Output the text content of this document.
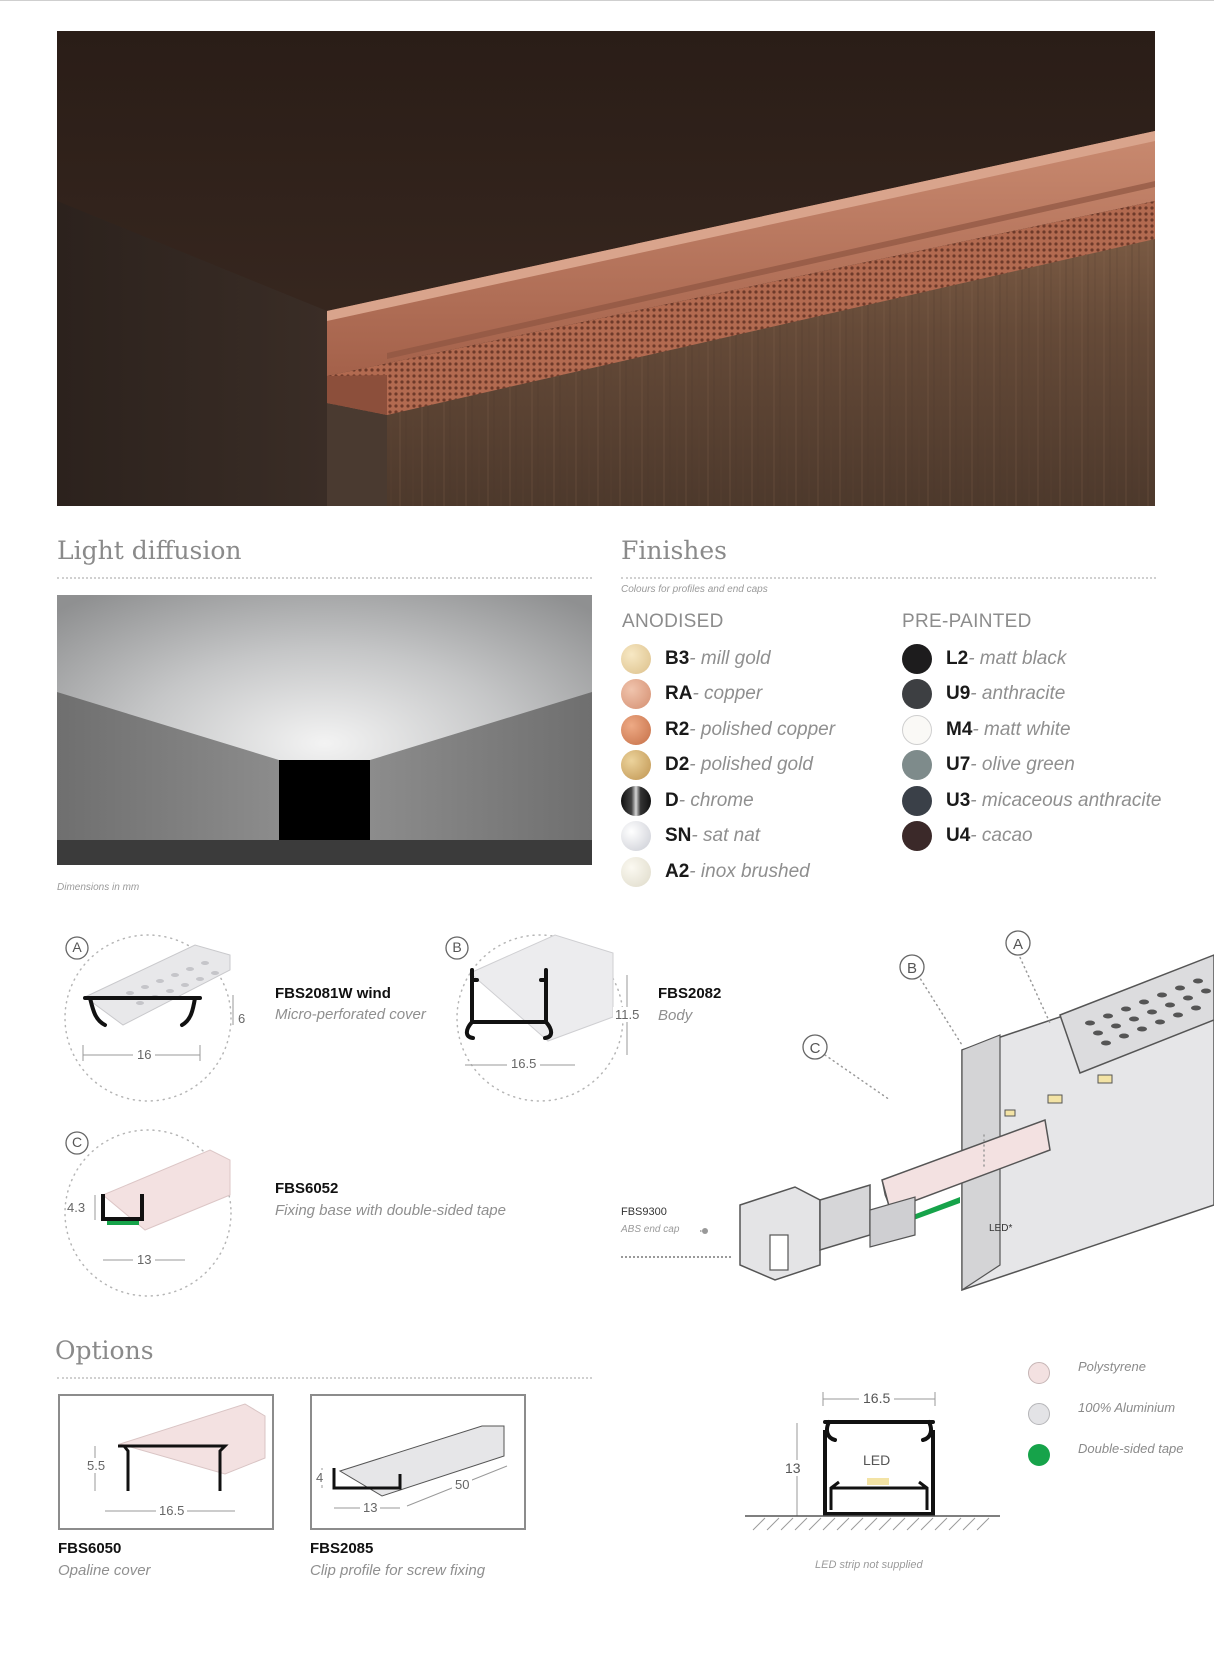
Light diffusion
Dimensions in mm
Finishes
Colours for profiles and end caps
ANODISED
B3 - mill gold
RA - copper
R2 - polished copper
D2 - polished gold
D - chrome
SN - sat nat
A2 - inox brushed
PRE-PAINTED
L2 - matt black
U9 - anthracite
M4 - matt white
U7 - olive green
U3 - micaceous anthracite
U4 - cacao
A
16
6
FBS2081W wind
Micro-perforated cover
B
16.5
11.5
FBS2082
Body
C
13
4.3
FBS6052
Fixing base with double-sided tape
A
B
C
LED*
FBS9300
ABS end cap
Options
5.5
16.5
FBS6050
Opaline cover
4
13
50
FBS2085
Clip profile for screw fixing
Polystyrene
100% Aluminium
Double-sided tape
16.5
13	LED
LED strip not supplied
